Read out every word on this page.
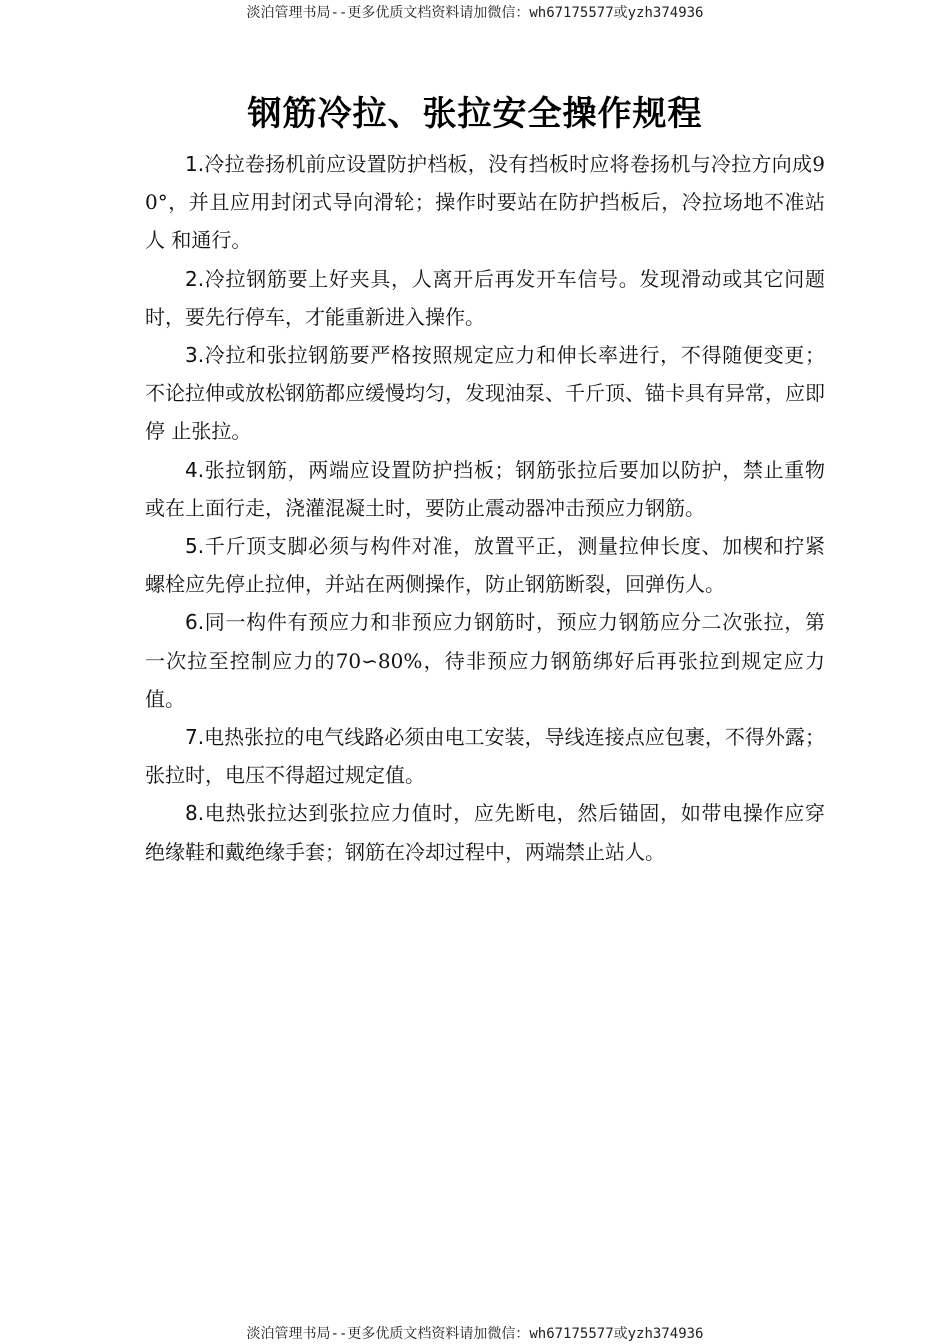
淡泊管理书局--更多优质文档资料请加微信：wh67175577或yzh374936
钢筋冷拉、张拉安全操作规程

1.冷拉卷扬机前应设置防护档板，没有挡板时应将卷扬机与冷拉方向成90°，并且应用封闭式导向滑轮；操作时要站在防护挡板后，冷拉场地不准站人 和通行。

2.冷拉钢筋要上好夹具，人离开后再发开车信号。发现滑动或其它问题 时，要先行停车，才能重新进入操作。

3.冷拉和张拉钢筋要严格按照规定应力和伸长率进行，不得随便变更； 不论拉伸或放松钢筋都应缓慢均匀，发现油泵、千斤顶、锚卡具有异常，应即停 止张拉。

4.张拉钢筋，两端应设置防护挡板；钢筋张拉后要加以防护，禁止重物 或在上面行走，浇灌混凝土时，要防止震动器冲击预应力钢筋。

5.千斤顶支脚必须与构件对准，放置平正，测量拉伸长度、加楔和拧紧 螺栓应先停止拉伸，并站在两侧操作，防止钢筋断裂，回弹伤人。

6.同一构件有预应力和非预应力钢筋时，预应力钢筋应分二次张拉，第 一次拉至控制应力的70∽80%，待非预应力钢筋绑好后再张拉到规定应力值。

7.电热张拉的电气线路必须由电工安装，导线连接点应包裹，不得外露；张拉时，电压不得超过规定值。

8.电热张拉达到张拉应力值时，应先断电，然后锚固，如带电操作应穿 绝缘鞋和戴绝缘手套；钢筋在冷却过程中，两端禁止站人。

淡泊管理书局--更多优质文档资料请加微信：wh67175577或yzh374936
